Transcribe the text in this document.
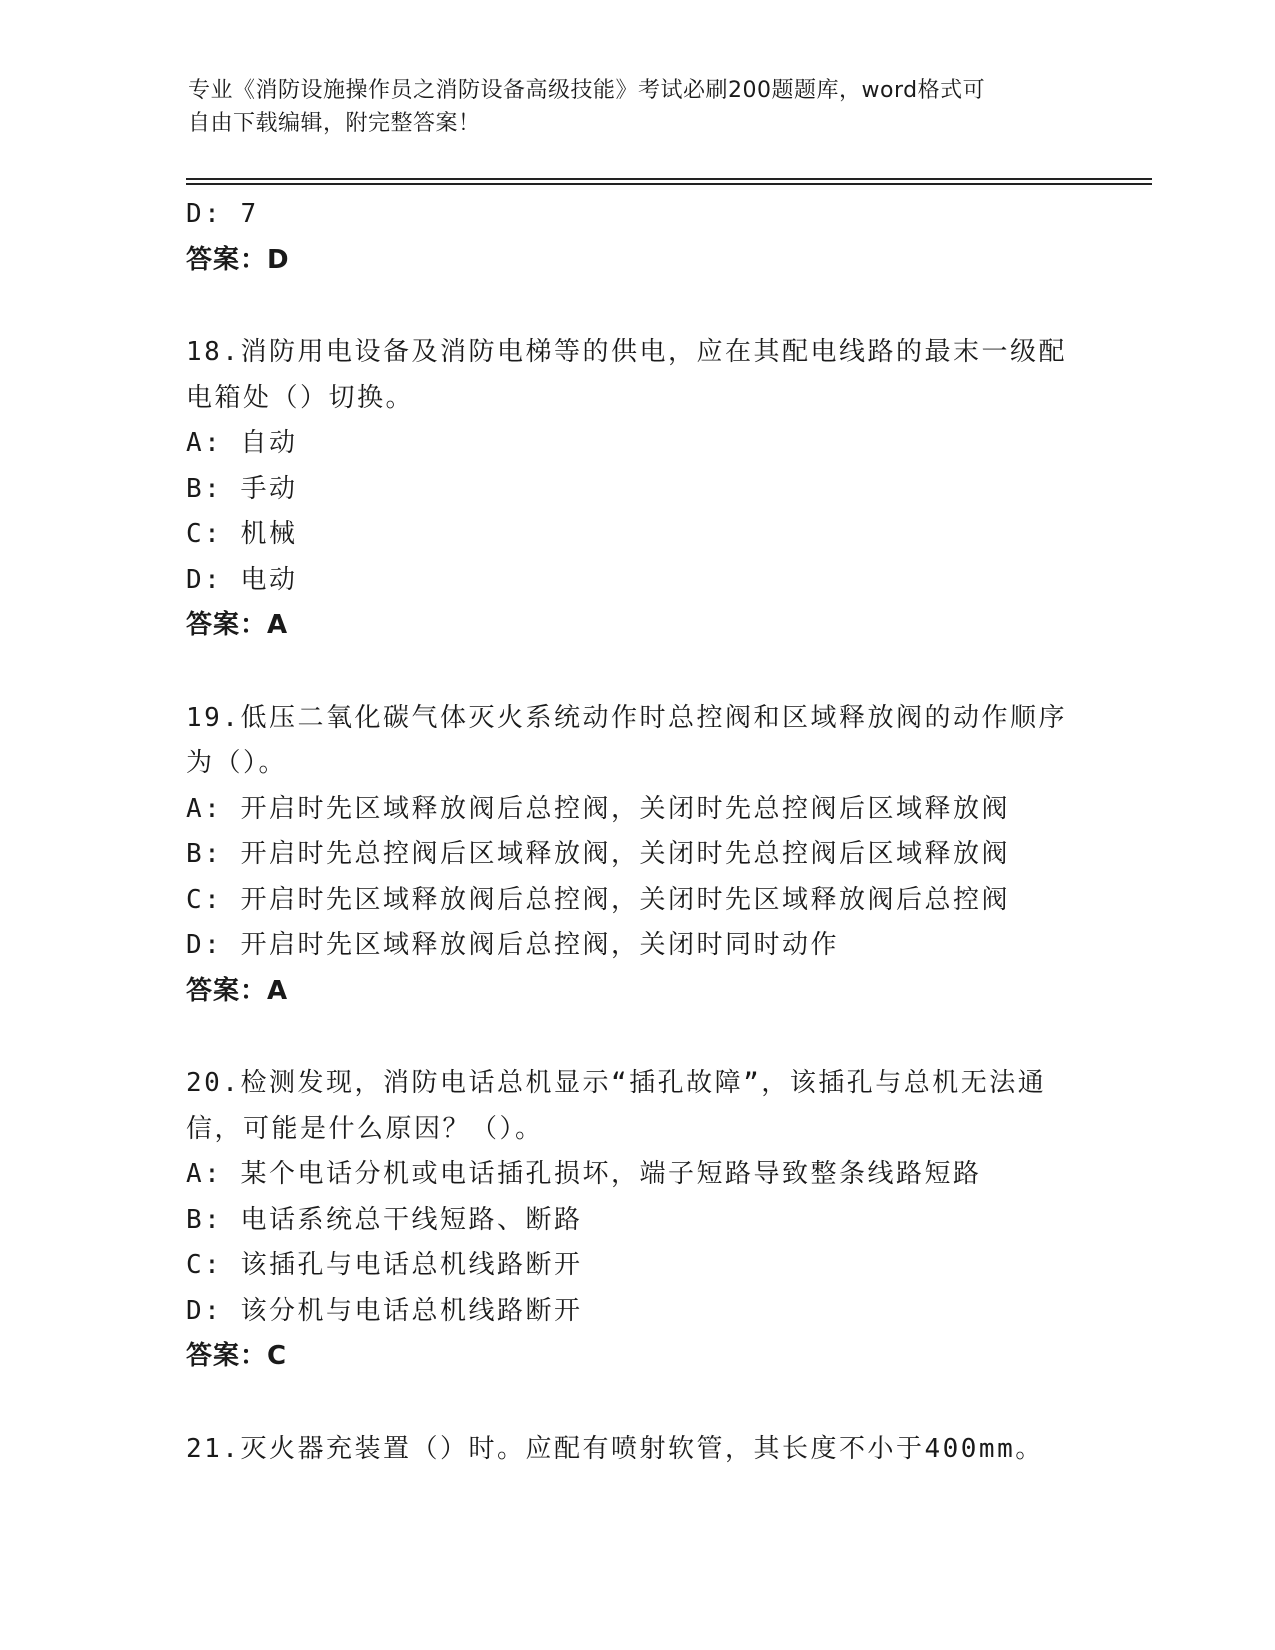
专业《消防设施操作员之消防设备高级技能》考试必刷200题题库，word格式可
自由下载编辑，附完整答案！
D: 7
答案：D
18.消防用电设备及消防电梯等的供电，应在其配电线路的最末一级配
电箱处（）切换。
A: 自动
B: 手动
C: 机械
D: 电动
答案：A
19.低压二氧化碳气体灭火系统动作时总控阀和区域释放阀的动作顺序
为（）。
A: 开启时先区域释放阀后总控阀，关闭时先总控阀后区域释放阀
B: 开启时先总控阀后区域释放阀，关闭时先总控阀后区域释放阀
C: 开启时先区域释放阀后总控阀，关闭时先区域释放阀后总控阀
D: 开启时先区域释放阀后总控阀，关闭时同时动作
答案：A
20.检测发现，消防电话总机显示“插孔故障”，该插孔与总机无法通
信，可能是什么原因？（）。
A: 某个电话分机或电话插孔损坏，端子短路导致整条线路短路
B: 电话系统总干线短路、断路
C: 该插孔与电话总机线路断开
D: 该分机与电话总机线路断开
答案：C
21.灭火器充装置（）时。应配有喷射软管，其长度不小于400mm。
